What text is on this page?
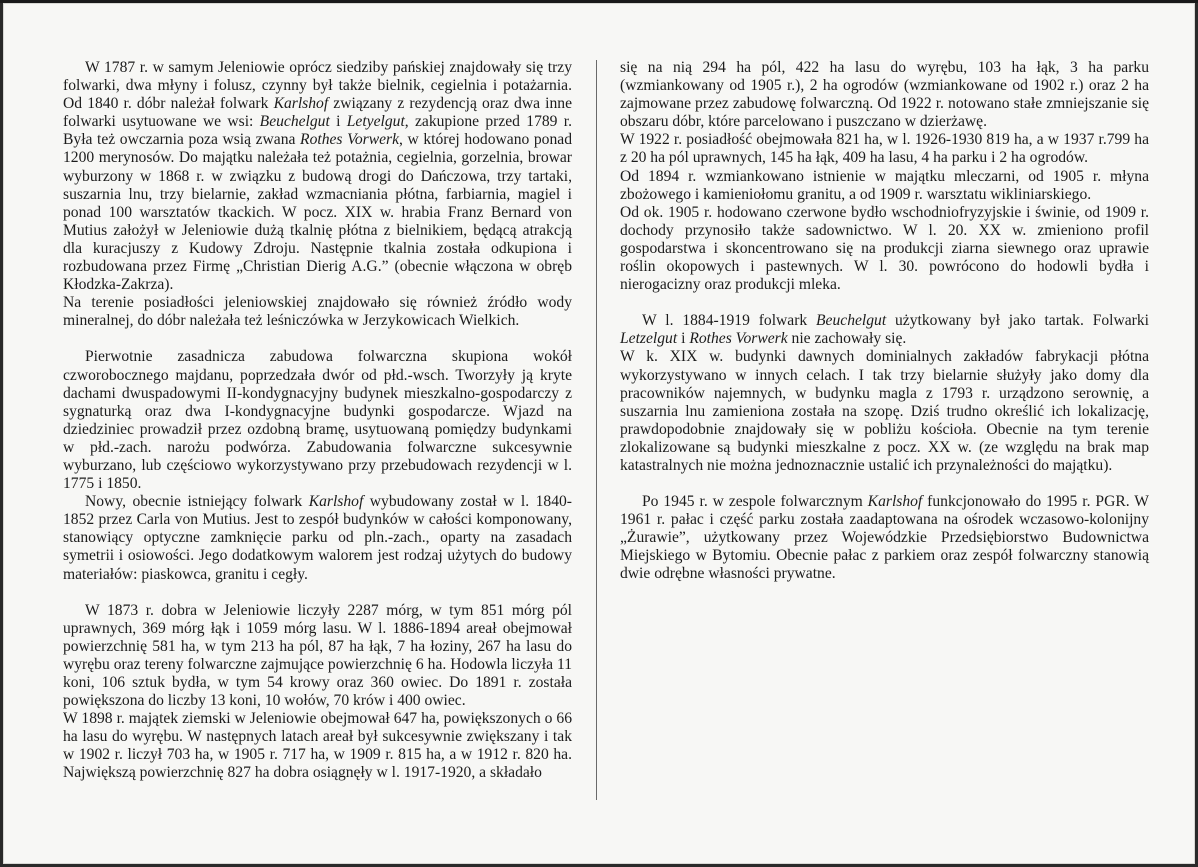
W 1787 r. w samym Jeleniowie oprócz siedziby pańskiej znajdowały się trzy folwarki, dwa młyny i folusz, czynny był także bielnik, cegielnia i potażarnia. Od 1840 r. dóbr należał folwark Karlshof związany z rezydencją oraz dwa inne folwarki usytuowane we wsi: Beuchelgut i Letyelgut, zakupione przed 1789 r. Była też owczarnia poza wsią zwana Rothes Vorwerk, w której hodowano ponad 1200 merynosów. Do majątku należała też potażnia, cegielnia, gorzelnia, browar wyburzony w 1868 r. w związku z budową drogi do Dańczowa, trzy tartaki, suszarnia lnu, trzy bielarnie, zakład wzmacniania płótna, farbiarnia, magiel i ponad 100 warsztatów tkackich. W pocz. XIX w. hrabia Franz Bernard von Mutius założył w Jeleniowie dużą tkalnię płótna z bielnikiem, będącą atrakcją dla kuracjuszy z Kudowy Zdroju. Następnie tkalnia została odkupiona i rozbudowana przez Firmę „Christian Dierig A.G.” (obecnie włączona w obręb Kłodzka-Zakrza).

Na terenie posiadłości jeleniowskiej znajdowało się również źródło wody mineralnej, do dóbr należała też leśniczówka w Jerzykowicach Wielkich.

Pierwotnie zasadnicza zabudowa folwarczna skupiona wokół czworobocznego majdanu, poprzedzała dwór od płd.-wsch. Tworzyły ją kryte dachami dwuspadowymi II-kondygnacyjny budynek mieszkalno-gospodarczy z sygnaturką oraz dwa I-kondygnacyjne budynki gospodarcze. Wjazd na dziedziniec prowadził przez ozdobną bramę, usytuowaną pomiędzy budynkami w płd.-zach. narożu podwórza. Zabudowania folwarczne sukcesywnie wyburzano, lub częściowo wykorzystywano przy przebudowach rezydencji w l. 1775 i 1850.

Nowy, obecnie istniejący folwark Karlshof wybudowany został w l. 1840-1852 przez Carla von Mutius. Jest to zespół budynków w całości komponowany, stanowiący optyczne zamknięcie parku od pln.-zach., oparty na zasadach symetrii i osiowości. Jego dodatkowym walorem jest rodzaj użytych do budowy materiałów: piaskowca, granitu i cegły.

W 1873 r. dobra w Jeleniowie liczyły 2287 mórg, w tym 851 mórg pól uprawnych, 369 mórg łąk i 1059 mórg lasu. W l. 1886-1894 areał obejmował powierzchnię 581 ha, w tym 213 ha pól, 87 ha łąk, 7 ha łoziny, 267 ha lasu do wyrębu oraz tereny folwarczne zajmujące powierzchnię 6 ha. Hodowla liczyła 11 koni, 106 sztuk bydła, w tym 54 krowy oraz 360 owiec. Do 1891 r. została powiększona do liczby 13 koni, 10 wołów, 70 krów i 400 owiec.

W 1898 r. majątek ziemski w Jeleniowie obejmował 647 ha, powiększonych o 66 ha lasu do wyrębu. W następnych latach areał był sukcesywnie zwiększany i tak w 1902 r. liczył 703 ha, w 1905 r. 717 ha, w 1909 r. 815 ha, a w 1912 r. 820 ha. Największą powierzchnię 827 ha dobra osiągnęły w l. 1917-1920, a składało

się na nią 294 ha pól, 422 ha lasu do wyrębu, 103 ha łąk, 3 ha parku (wzmiankowany od 1905 r.), 2 ha ogrodów (wzmiankowane od 1902 r.) oraz 2 ha zajmowane przez zabudowę folwarczną. Od 1922 r. notowano stałe zmniejszanie się obszaru dóbr, które parcelowano i puszczano w dzierżawę.

W 1922 r. posiadłość obejmowała 821 ha, w l. 1926-1930 819 ha, a w 1937 r.799 ha z 20 ha pól uprawnych, 145 ha łąk, 409 ha lasu, 4 ha parku i 2 ha ogrodów.

Od 1894 r. wzmiankowano istnienie w majątku mleczarni, od 1905 r. młyna zbożowego i kamieniołomu granitu, a od 1909 r. warsztatu wikliniarskiego.

Od ok. 1905 r. hodowano czerwone bydło wschodniofryzyjskie i świnie, od 1909 r. dochody przynosiło także sadownictwo. W l. 20. XX w. zmieniono profil gospodarstwa i skoncentrowano się na produkcji ziarna siewnego oraz uprawie roślin okopowych i pastewnych. W l. 30. powrócono do hodowli bydła i nierogacizny oraz produkcji mleka.

W l. 1884-1919 folwark Beuchelgut użytkowany był jako tartak. Folwarki Letzelgut i Rothes Vorwerk nie zachowały się.

W k. XIX w. budynki dawnych dominialnych zakładów fabrykacji płótna wykorzystywano w innych celach. I tak trzy bielarnie służyły jako domy dla pracowników najemnych, w budynku magla z 1793 r. urządzono serownię, a suszarnia lnu zamieniona została na szopę. Dziś trudno określić ich lokalizację, prawdopodobnie znajdowały się w pobliżu kościoła. Obecnie na tym terenie zlokalizowane są budynki mieszkalne z pocz. XX w. (ze względu na brak map katastralnych nie można jednoznacznie ustalić ich przynależności do majątku).

Po 1945 r. w zespole folwarcznym Karlshof funkcjonowało do 1995 r. PGR. W 1961 r. pałac i część parku została zaadaptowana na ośrodek wczasowo-kolonijny „Żurawie”, użytkowany przez Wojewódzkie Przedsiębiorstwo Budownictwa Miejskiego w Bytomiu. Obecnie pałac z parkiem oraz zespół folwarczny stanowią dwie odrębne własności prywatne.
